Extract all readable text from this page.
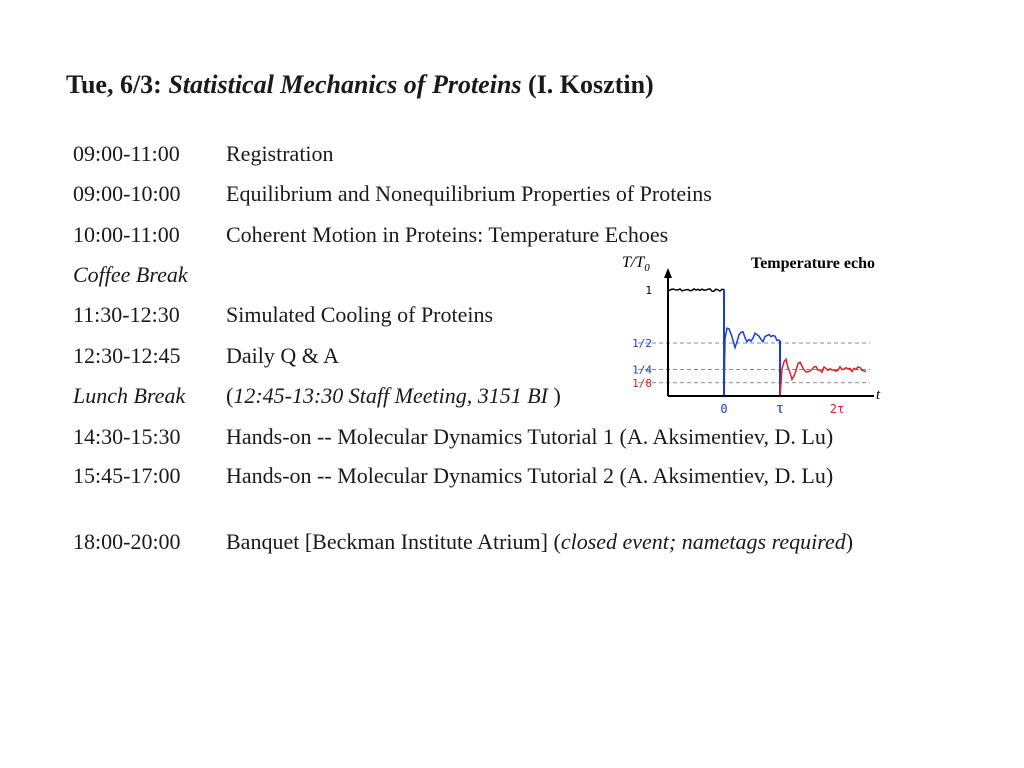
Tue, 6/3: Statistical Mechanics of Proteins (I. Kosztin)
09:00-11:00 Registration
09:00-10:00 Equilibrium and Nonequilibrium Properties of Proteins
10:00-11:00 Coherent Motion in Proteins: Temperature Echoes
Coffee Break
11:30-12:30 Simulated Cooling of Proteins
12:30-12:45 Daily Q & A
Lunch Break (12:45-13:30 Staff Meeting, 3151 BI )
14:30-15:30 Hands-on -- Molecular Dynamics Tutorial 1 (A. Aksimentiev, D. Lu)
15:45-17:00 Hands-on -- Molecular Dynamics Tutorial 2 (A. Aksimentiev, D. Lu)
18:00-20:00 Banquet [Beckman Institute Atrium] (closed event; nametags required)
Temperature echo
$T/T_0$
t
1
1/2
1/4
1/8
0	τ	2τ
